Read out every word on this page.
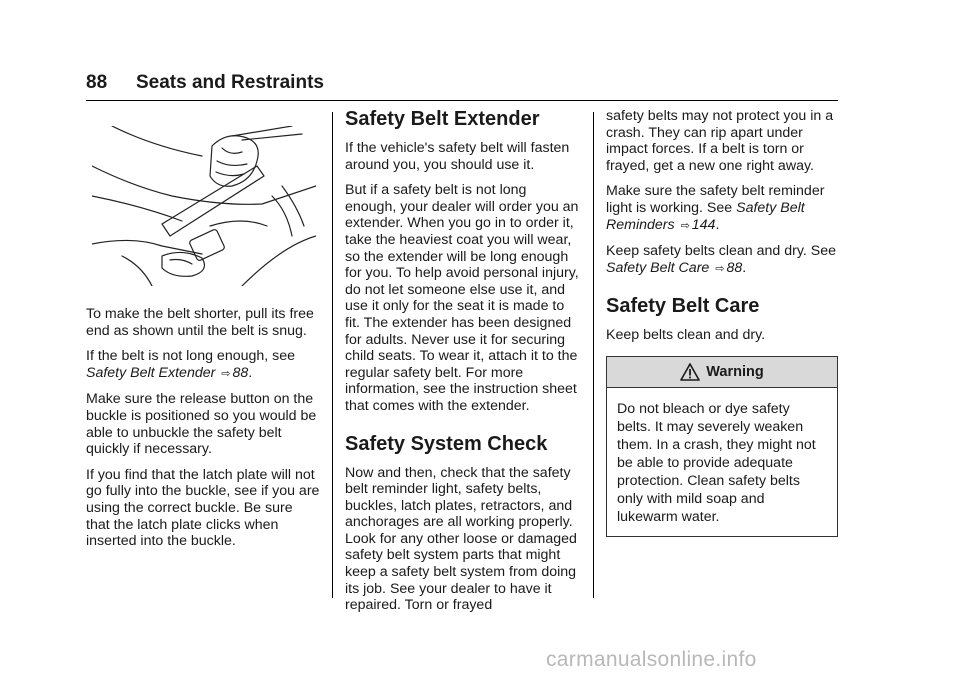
88 Seats and Restraints

To make the belt shorter, pull its free end as shown until the belt is snug.

If the belt is not long enough, see Safety Belt Extender ⇨ 88.

Make sure the release button on the buckle is positioned so you would be able to unbuckle the safety belt quickly if necessary.

If you find that the latch plate will not go fully into the buckle, see if you are using the correct buckle. Be sure that the latch plate clicks when inserted into the buckle.

Safety Belt Extender

If the vehicle's safety belt will fasten around you, you should use it.

But if a safety belt is not long enough, your dealer will order you an extender. When you go in to order it, take the heaviest coat you will wear, so the extender will be long enough for you. To help avoid personal injury, do not let someone else use it, and use it only for the seat it is made to fit. The extender has been designed for adults. Never use it for securing child seats. To wear it, attach it to the regular safety belt. For more information, see the instruction sheet that comes with the extender.

Safety System Check

Now and then, check that the safety belt reminder light, safety belts, buckles, latch plates, retractors, and anchorages are all working properly. Look for any other loose or damaged safety belt system parts that might keep a safety belt system from doing its job. See your dealer to have it repaired. Torn or frayed

safety belts may not protect you in a crash. They can rip apart under impact forces. If a belt is torn or frayed, get a new one right away.

Make sure the safety belt reminder light is working. See Safety Belt Reminders ⇨ 144.

Keep safety belts clean and dry. See Safety Belt Care ⇨ 88.

Safety Belt Care

Keep belts clean and dry.

Warning
Do not bleach or dye safety belts. It may severely weaken them. In a crash, they might not be able to provide adequate protection. Clean safety belts only with mild soap and lukewarm water.
carmanualsonline.info
